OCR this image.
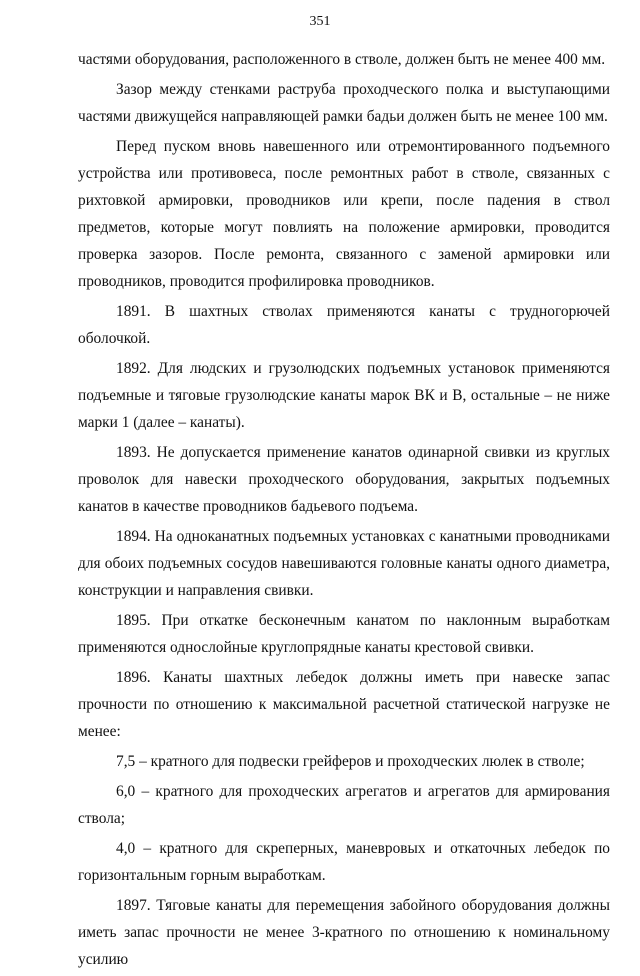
351

частями оборудования, расположенного в стволе, должен быть не менее 400 мм.

Зазор между стенками раструба проходческого полка и выступающими частями движущейся направляющей рамки бадьи должен быть не менее 100 мм.

Перед пуском вновь навешенного или отремонтированного подъемного устройства или противовеса, после ремонтных работ в стволе, связанных с рихтовкой армировки, проводников или крепи, после падения в ствол предметов, которые могут повлиять на положение армировки, проводится проверка зазоров. После ремонта, связанного с заменой армировки или проводников, проводится профилировка проводников.

1891. В шахтных стволах применяются канаты с трудногорючей оболочкой.

1892. Для людских и грузолюдских подъемных установок применяются подъемные и тяговые грузолюдские канаты марок ВК и В, остальные – не ниже марки 1 (далее – канаты).

1893. Не допускается применение канатов одинарной свивки из круглых проволок для навески проходческого оборудования, закрытых подъемных канатов в качестве проводников бадьевого подъема.

1894. На одноканатных подъемных установках с канатными проводниками для обоих подъемных сосудов навешиваются головные канаты одного диаметра, конструкции и направления свивки.

1895. При откатке бесконечным канатом по наклонным выработкам применяются однослойные круглопрядные канаты крестовой свивки.

1896. Канаты шахтных лебедок должны иметь при навеске запас прочности по отношению к максимальной расчетной статической нагрузке не менее:

7,5 – кратного для подвески грейферов и проходческих люлек в стволе;

6,0 – кратного для проходческих агрегатов и агрегатов для армирования ствола;

4,0 – кратного для скреперных, маневровых и откаточных лебедок по горизонтальным горным выработкам.

1897. Тяговые канаты для перемещения забойного оборудования должны иметь запас прочности не менее 3-кратного по отношению к номинальному усилию
